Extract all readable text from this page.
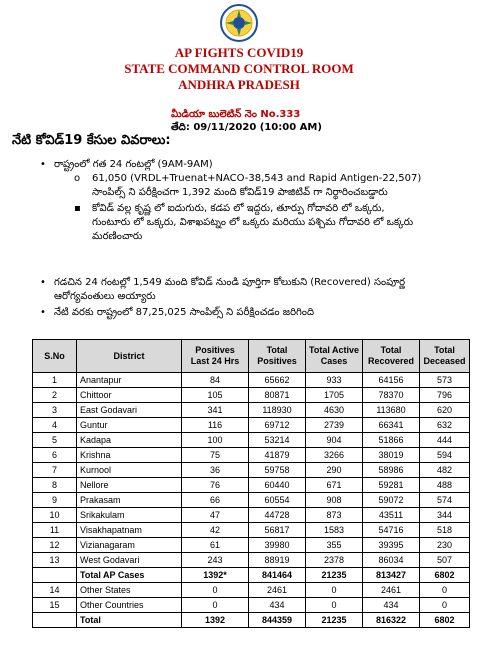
AP FIGHTS COVID19
STATE COMMAND CONTROL ROOM
ANDHRA PRADESH
మీడియా బులెటిన్ నెం No.333
తేది: 09/11/2020 (10:00 AM)
నేటి కోవిడ్19 కేసుల వివరాలు:
• రాష్ట్రంలో గత 24 గంటల్లో (9AM-9AM)
o 61,050 (VRDL+Truenat+NACO-38,543 and Rapid Antigen-22,507)
సాంపిల్స్ ని పరీక్షించగా 1,392 మంది కోవిడ్19 పాజిటివ్ గా నిర్థారించబడ్డారు
▪ కోవిడ్ వల్ల కృష్ణ లో ఐదుగురు, కడప లో ఇద్దరు, తూర్పు గోదావరి లో ఒక్కరు,
గుంటూరు లో ఒక్కరు, విశాఖపట్నం లో ఒక్కరు మరియు పశ్చిమ గోదావరి లో ఒక్కరు
మరణించారు
• గడచిన 24 గంటల్లో 1,549 మంది కోవిడ్ నుండి పూర్తిగా కోలుకుని (Recovered) సంపూర్ణ
ఆరోగ్యవంతులు అయ్యారు
• నేటి వరకు రాష్ట్రంలో 87,25,025 సాంపిల్స్ ని పరీక్షించడం జరిగింది
S.No	District	Positives Last 24 Hrs	Total Positives	Total Active Cases	Total Recovered	Total Deceased
1	Anantapur	84	65662	933	64156	573
2	Chittoor	105	80871	1705	78370	796
3	East Godavari	341	118930	4630	113680	620
4	Guntur	116	69712	2739	66341	632
5	Kadapa	100	53214	904	51866	444
6	Krishna	75	41879	3266	38019	594
7	Kurnool	36	59758	290	58986	482
8	Nellore	76	60440	671	59281	488
9	Prakasam	66	60554	908	59072	574
10	Srikakulam	47	44728	873	43511	344
11	Visakhapatnam	42	56817	1583	54716	518
12	Vizianagaram	61	39980	355	39395	230
13	West Godavari	243	88919	2378	86034	507
	Total AP Cases	1392*	841464	21235	813427	6802
14	Other States	0	2461	0	2461	0
15	Other Countries	0	434	0	434	0
	Total	1392	844359	21235	816322	6802
